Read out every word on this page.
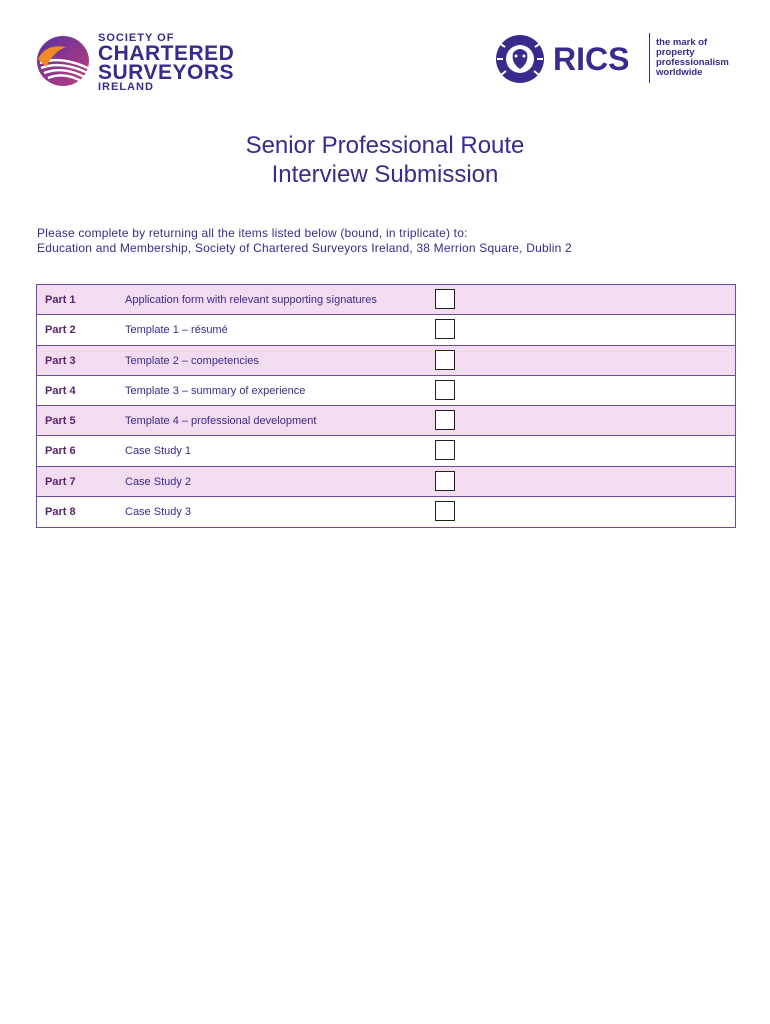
SOCIETY OF
CHARTERED
SURVEYORS
IRELAND
RICS	the mark of
property
professionalism
worldwide
Senior Professional Route
Interview Submission
Please complete by returning all the items listed below (bound, in triplicate) to:
Education and Membership, Society of Chartered Surveyors Ireland, 38 Merrion Square, Dublin 2
Part 1	Application form with relevant supporting signatures
Part 2	Template 1 – résumé
Part 3	Template 2 – competencies
Part 4	Template 3 – summary of experience
Part 5	Template 4 – professional development
Part 6	Case Study 1
Part 7	Case Study 2
Part 8	Case Study 3
